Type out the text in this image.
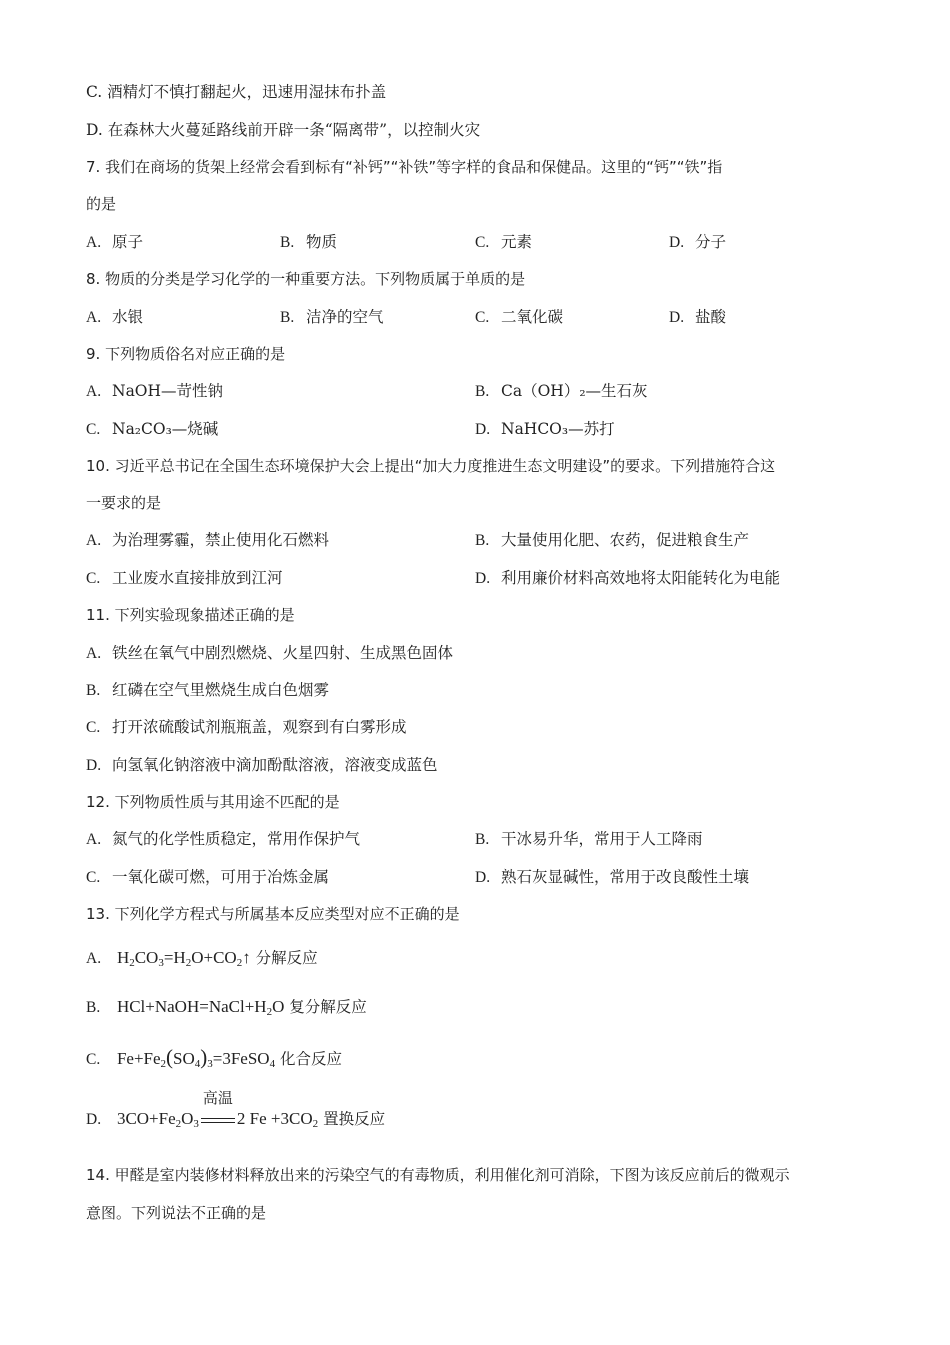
C. 酒精灯不慎打翻起火，迅速用湿抹布扑盖
D. 在森林大火蔓延路线前开辟一条“隔离带”，以控制火灾
7. 我们在商场的货架上经常会看到标有“补钙”“补铁”等字样的食品和保健品。这里的“钙”“铁”指
的是
A. 原子	B. 物质	C. 元素	D. 分子
8. 物质的分类是学习化学的一种重要方法。下列物质属于单质的是
A. 水银	B. 洁净的空气	C. 二氧化碳	D. 盐酸
9. 下列物质俗名对应正确的是
A. NaOH—苛性钠	B. Ca（OH）₂—生石灰
C. Na₂CO₃—烧碱	D. NaHCO₃—苏打
10. 习近平总书记在全国生态环境保护大会上提出“加大力度推进生态文明建设”的要求。下列措施符合这
一要求的是
A. 为治理雾霾，禁止使用化石燃料	B. 大量使用化肥、农药，促进粮食生产
C. 工业废水直接排放到江河	D. 利用廉价材料高效地将太阳能转化为电能
11. 下列实验现象描述正确的是
A. 铁丝在氧气中剧烈燃烧、火星四射、生成黑色固体
B. 红磷在空气里燃烧生成白色烟雾
C. 打开浓硫酸试剂瓶瓶盖，观察到有白雾形成
D. 向氢氧化钠溶液中滴加酚酞溶液，溶液变成蓝色
12. 下列物质性质与其用途不匹配的是
A. 氮气的化学性质稳定，常用作保护气	B. 干冰易升华，常用于人工降雨
C. 一氧化碳可燃，可用于冶炼金属	D. 熟石灰显碱性，常用于改良酸性土壤
13. 下列化学方程式与所属基本反应类型对应不正确的是
A. $H_2CO_3=H_2O+CO_2↑$ 分解反应
B. $HCl+NaOH=NaCl+H_2O$ 复分解反应
C. $Fe+Fe_2(SO_4)_3=3FeSO_4$ 化合反应
D. $3CO+Fe_2O_3$
高温
2 $Fe +3CO_2$ 置换反应
14. 甲醛是室内装修材料释放出来的污染空气的有毒物质，利用催化剂可消除，下图为该反应前后的微观示
意图。下列说法不正确的是
